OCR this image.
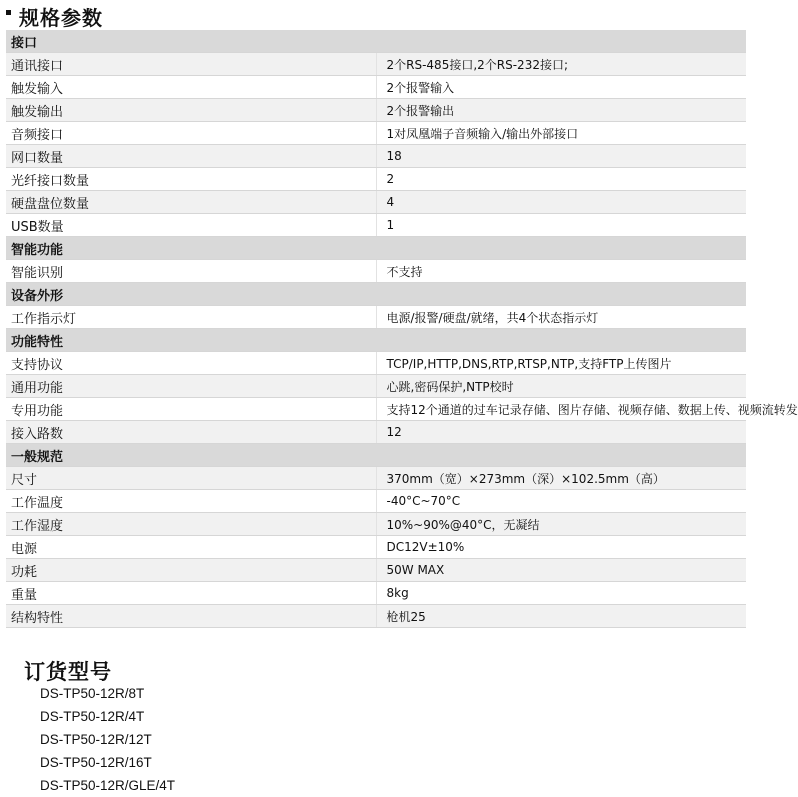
规格参数
接口	
通讯接口	2个RS-485接口,2个RS-232接口;
触发输入	2个报警输入
触发输出	2个报警输出
音频接口	1对凤凰端子音频输入/输出外部接口
网口数量	18
光纤接口数量	2
硬盘盘位数量	4
USB数量	1
智能功能	
智能识别	不支持
设备外形	
工作指示灯	电源/报警/硬盘/就绪，共4个状态指示灯
功能特性	
支持协议	TCP/IP,HTTP,DNS,RTP,RTSP,NTP,支持FTP上传图片
通用功能	心跳,密码保护,NTP校时
专用功能	支持12个通道的过车记录存储、图片存储、视频存储、数据上传、视频流转发
接入路数	12
一般规范	
尺寸	370mm（宽）×273mm（深）×102.5mm（高）
工作温度	-40°C~70°C
工作湿度	10%~90%@40°C，无凝结
电源	DC12V±10%
功耗	50W MAX
重量	8kg
结构特性	枪机25
订货型号
DS-TP50-12R/8T
DS-TP50-12R/4T
DS-TP50-12R/12T
DS-TP50-12R/16T
DS-TP50-12R/GLE/4T
